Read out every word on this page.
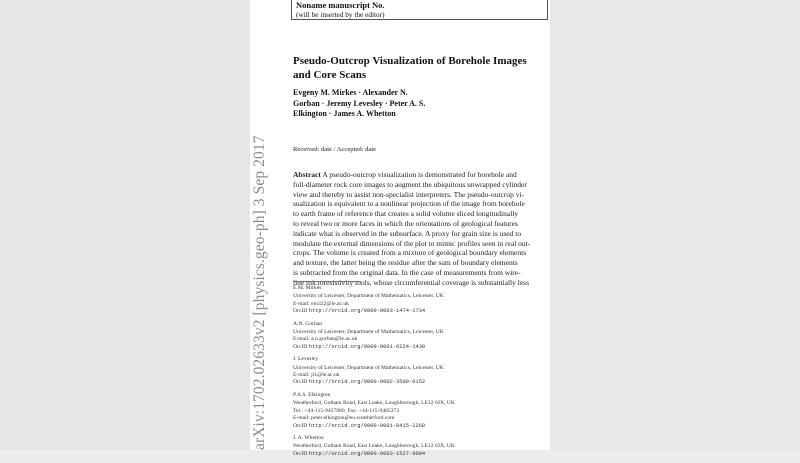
arXiv:1702.02633v2 [physics.geo-ph] 3 Sep 2017
Noname manuscript No.
(will be inserted by the editor)
Pseudo-Outcrop Visualization of Borehole Images
and Core Scans
Evgeny M. Mirkes · Alexander N.
Gorban · Jeremy Levesley · Peter A. S.
Elkington · James A. Whetton
Received: date / Accepted: date
Abstract A pseudo-outcrop visualization is demonstrated for borehole and
full-diameter rock core images to augment the ubiquitous unwrapped cylinder
view and thereby to assist non-specialist interpreters. The pseudo-outcrop vi-
sualization is equivalent to a nonlinear projection of the image from borehole
to earth frame of reference that creates a solid volume sliced longitudinally
to reveal two or more faces in which the orientations of geological features
indicate what is observed in the subsurface. A proxy for grain size is used to
modulate the external dimensions of the plot to mimic profiles seen in real out-
crops. The volume is created from a mixture of geological boundary elements
and texture, the latter being the residue after the sum of boundary elements
is subtracted from the original data. In the case of measurements from wire-
line microresistivity tools, whose circumferential coverage is substantially less
E.M. Mirkes
University of Leicester, Department of Mathematics, Leicester, UK
E-mail: em322@le.ac.uk
OrcID http://orcid.org/0000-0003-1474-1734
A.N. Gorban
University of Leicester, Department of Mathematics, Leicester, UK
E-mail: a.n.gorban@le.ac.uk
OrcID http://orcid.org/0000-0001-6224-1430
J. Levesley
University of Leicester, Department of Mathematics, Leicester, UK
E-mail: jl1@le.ac.uk
OrcID http://orcid.org/0000-0002-3509-0152
P.A.S. Elkington
Weatherford, Gotham Road, East Leake, Loughborough, LE12 6JX, UK
Tel.: +44-115-9457880, Fax: +44-115-9405373
E-mail: peter.elkington@eu.weatherford.com
OrcID http://orcid.org/0000-0001-8415-2260
J. A. Whetton
Weatherford, Gotham Road, East Leake, Loughborough, LE12 6JX, UK
OrcID http://orcid.org/0000-0003-1527-9094
